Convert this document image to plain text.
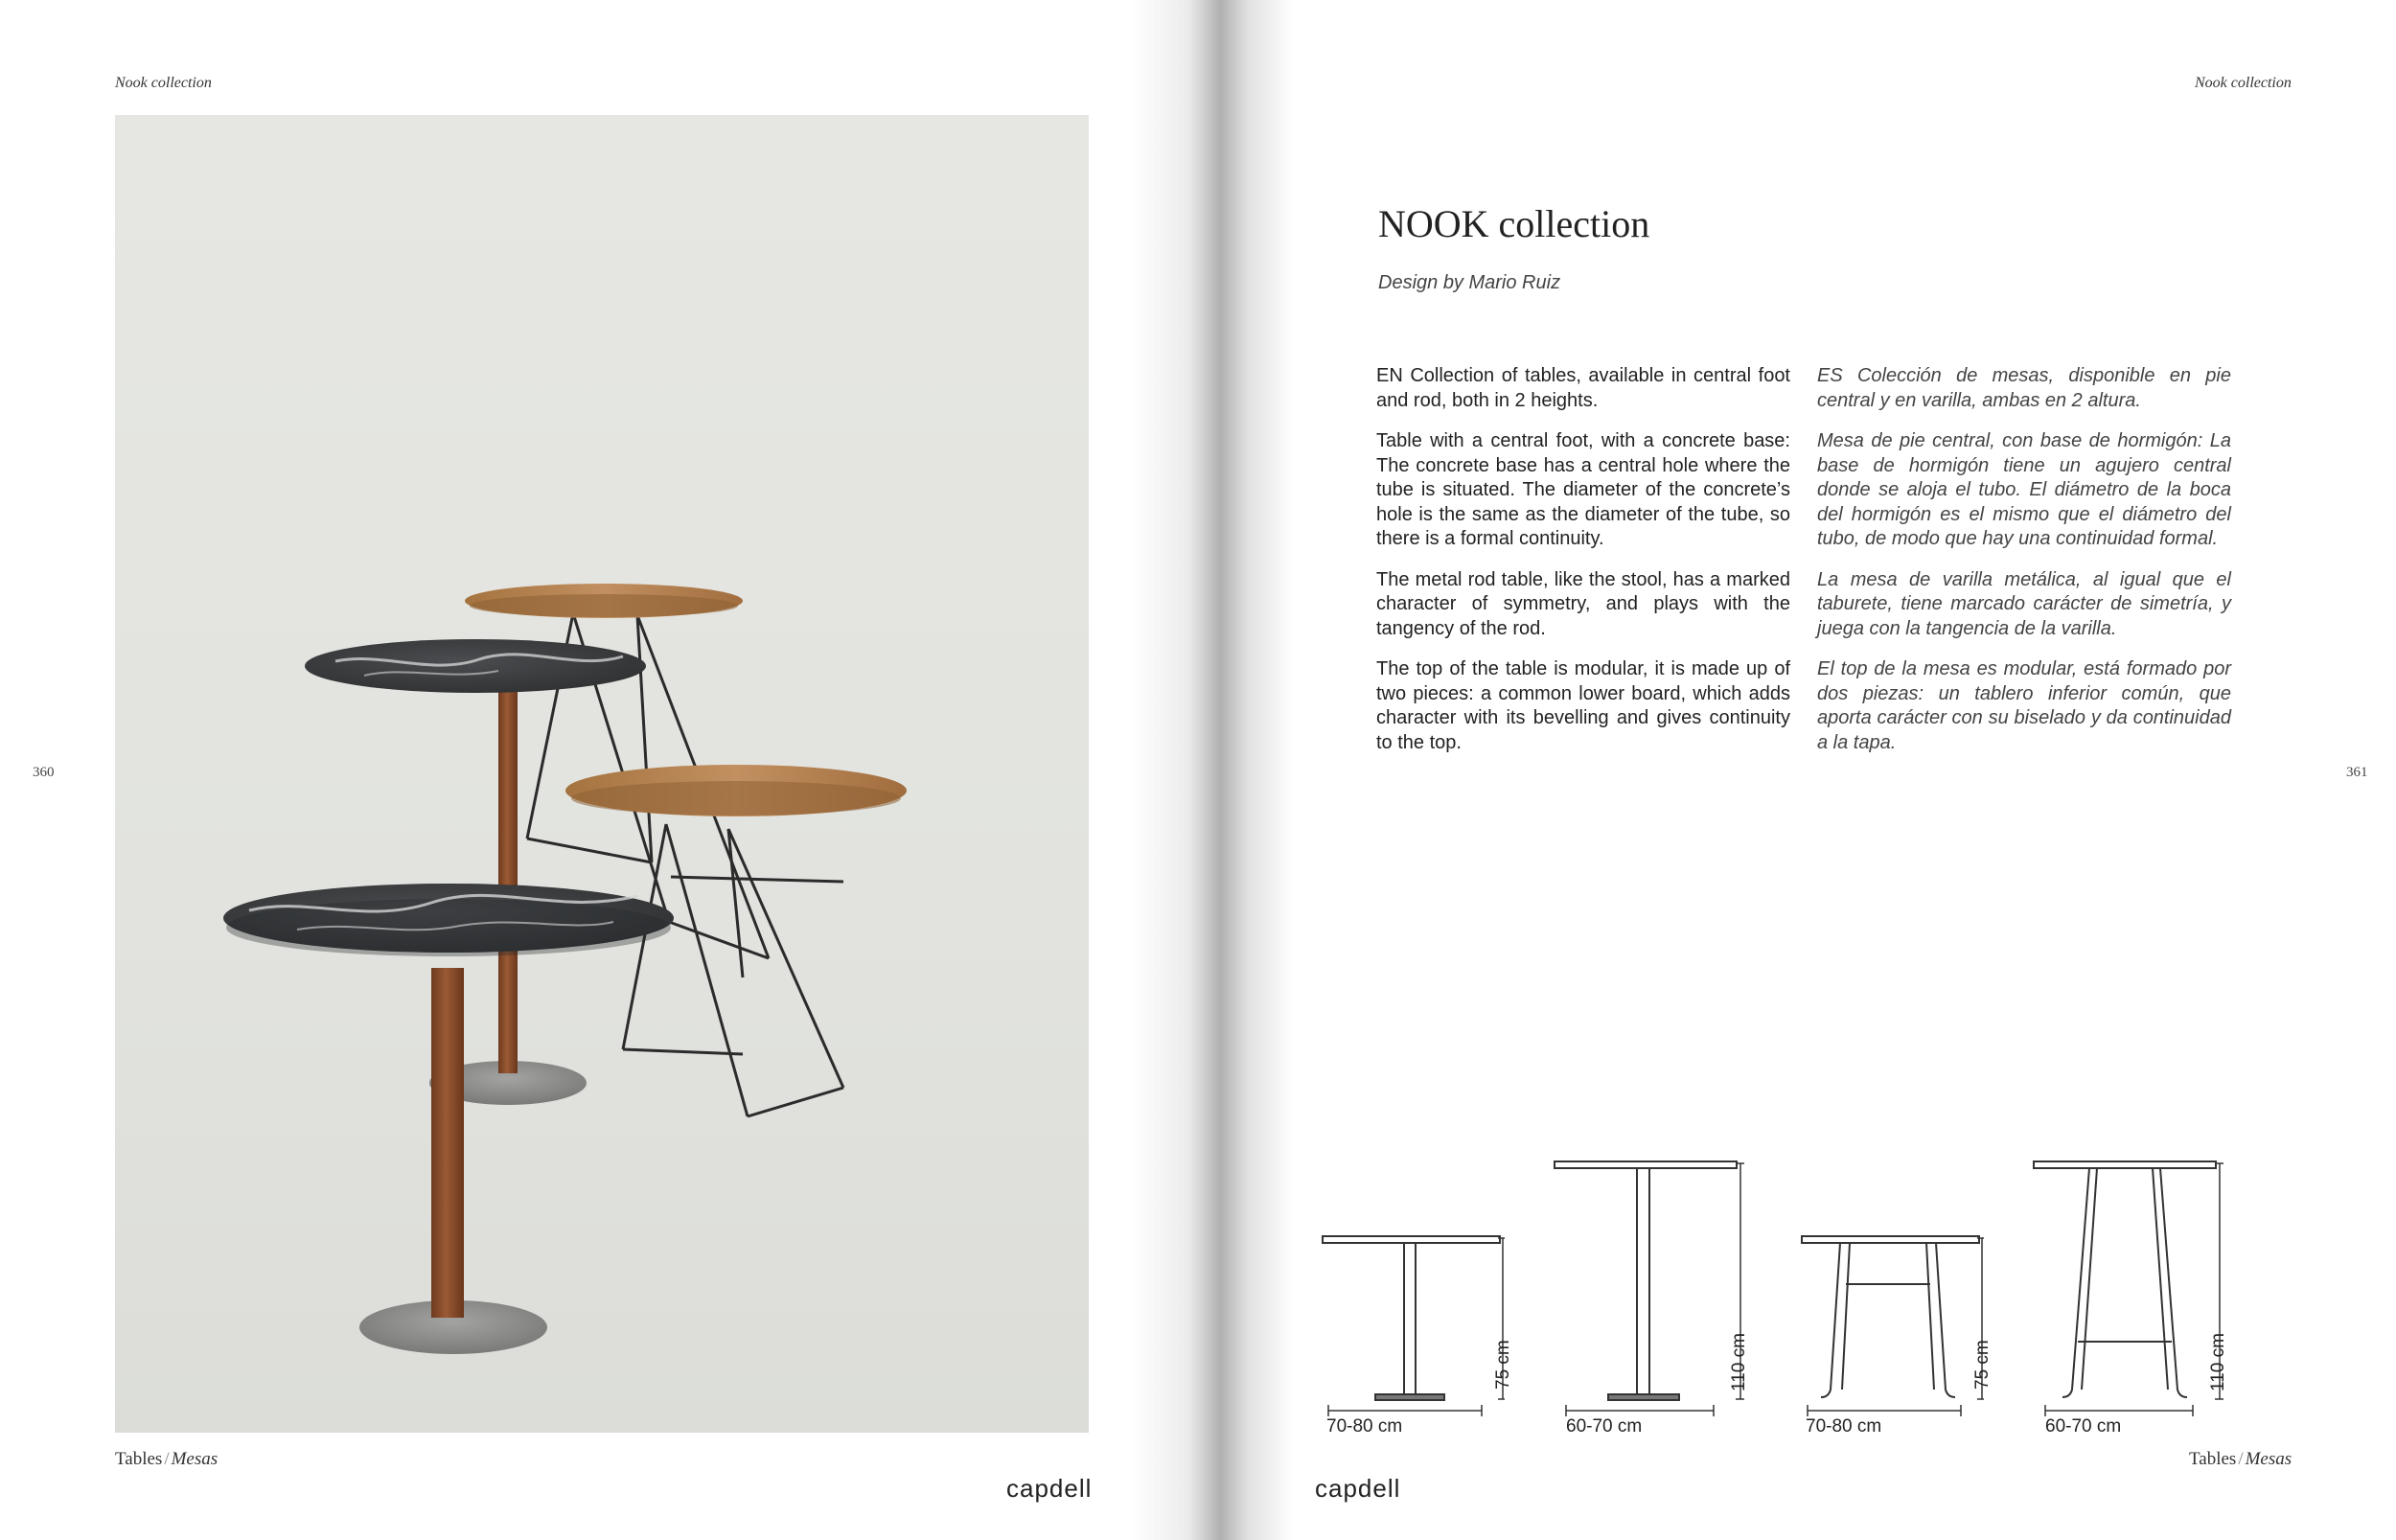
Nook collection
360
Tables / Mesas
capdell
Nook collection
361
NOOK collection
Design by Mario Ruiz

EN Collection of tables, available in central foot and rod, both in 2 heights.

Table with a central foot, with a concrete base: The concrete base has a central hole where the tube is situated. The diameter of the concrete’s hole is the same as the diameter of the tube, so there is a formal continuity.

The metal rod table, like the stool, has a marked character of symmetry, and plays with the tangency of the rod.

The top of the table is modular, it is made up of two pieces: a common lower board, which adds character with its bevelling and gives continuity to the top.

ES Colección de mesas, disponible en pie central y en varilla, ambas en 2 altura.

Mesa de pie central, con base de hormigón: La base de hormigón tiene un agujero central donde se aloja el tubo. El diámetro de la boca del hormigón es el mismo que el diámetro del tubo, de modo que hay una continuidad formal.

La mesa de varilla metálica, al igual que el taburete, tiene marcado carácter de simetría, y juega con la tangencia de la varilla.

El top de la mesa es modular, está formado por dos piezas: un tablero inferior común, que aporta carácter con su biselado y da continuidad a la tapa.

75 cm
70-80 cm
110 cm
60-70 cm
75 cm
70-80 cm
110 cm
60-70 cm
capdell
Tables / Mesas
